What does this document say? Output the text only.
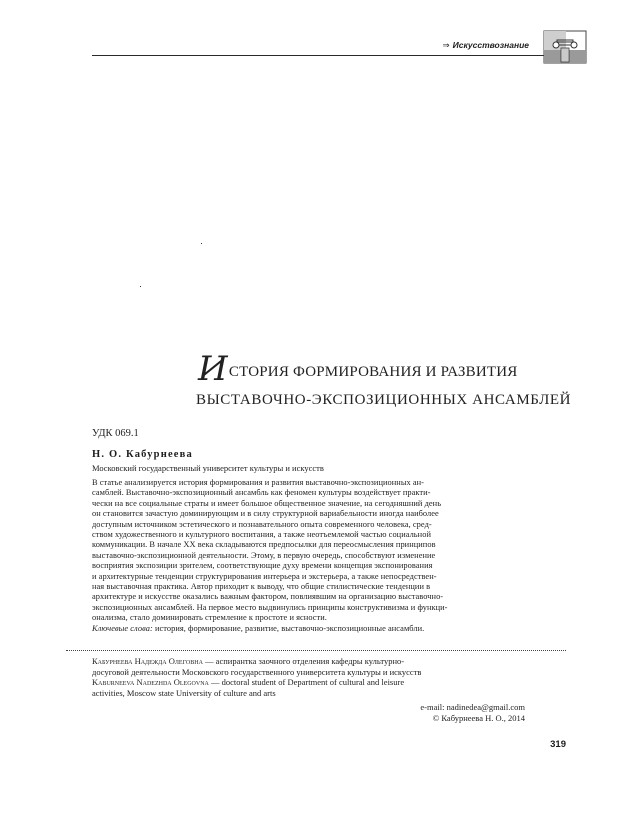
⇒ Искусствознание
ИСТОРИЯ ФОРМИРОВАНИЯ И РАЗВИТИЯ
ВЫСТАВОЧНО-ЭКСПОЗИЦИОННЫХ АНСАМБЛЕЙ
УДК 069.1
Н. О. Кабурнеева
Московский государственный университет культуры и искусств
В статье анализируется история формирования и развития выставочно-экспозиционных ан-
самблей. Выставочно-экспозиционный ансамбль как феномен культуры воздействует практи-
чески на все социальные страты и имеет большое общественное значение, на сегодняшний день
он становится зачастую доминирующим и в силу структурной вариабельности иногда наиболее
доступным источником эстетического и познавательного опыта современного человека, сред-
ством художественного и культурного воспитания, а также неотъемлемой частью социальной
коммуникации. В начале XX века складываются предпосылки для переосмысления принципов
выставочно-экспозиционной деятельности. Этому, в первую очередь, способствуют изменение
восприятия экспозиции зрителем, соответствующие духу времени концепция экспонирования
и архитектурные тенденции структурирования интерьера и экстерьера, а также непосредствен-
ная выставочная практика. Автор приходит к выводу, что общие стилистические тенденции в
архитектуре и искусстве оказались важным фактором, повлиявшим на организацию выставочно-
экспозиционных ансамблей. На первое место выдвинулись принципы конструктивизма и функци-
онализма, стало доминировать стремление к простоте и ясности.
Ключевые слова: история, формирование, развитие, выставочно-экспозиционные ансамбли.
Кабурнеева Надежда Олеговна — аспирантка заочного отделения кафедры культурно-
досуговой деятельности Московского государственного университета культуры и искусств
Kaburneeva Nadezhda Olegovna — doctoral student of Department of cultural and leisure
activities, Moscow state University of culture and arts
e-mail: nadinedea@gmail.com
© Кабурнеева Н. О., 2014
319
